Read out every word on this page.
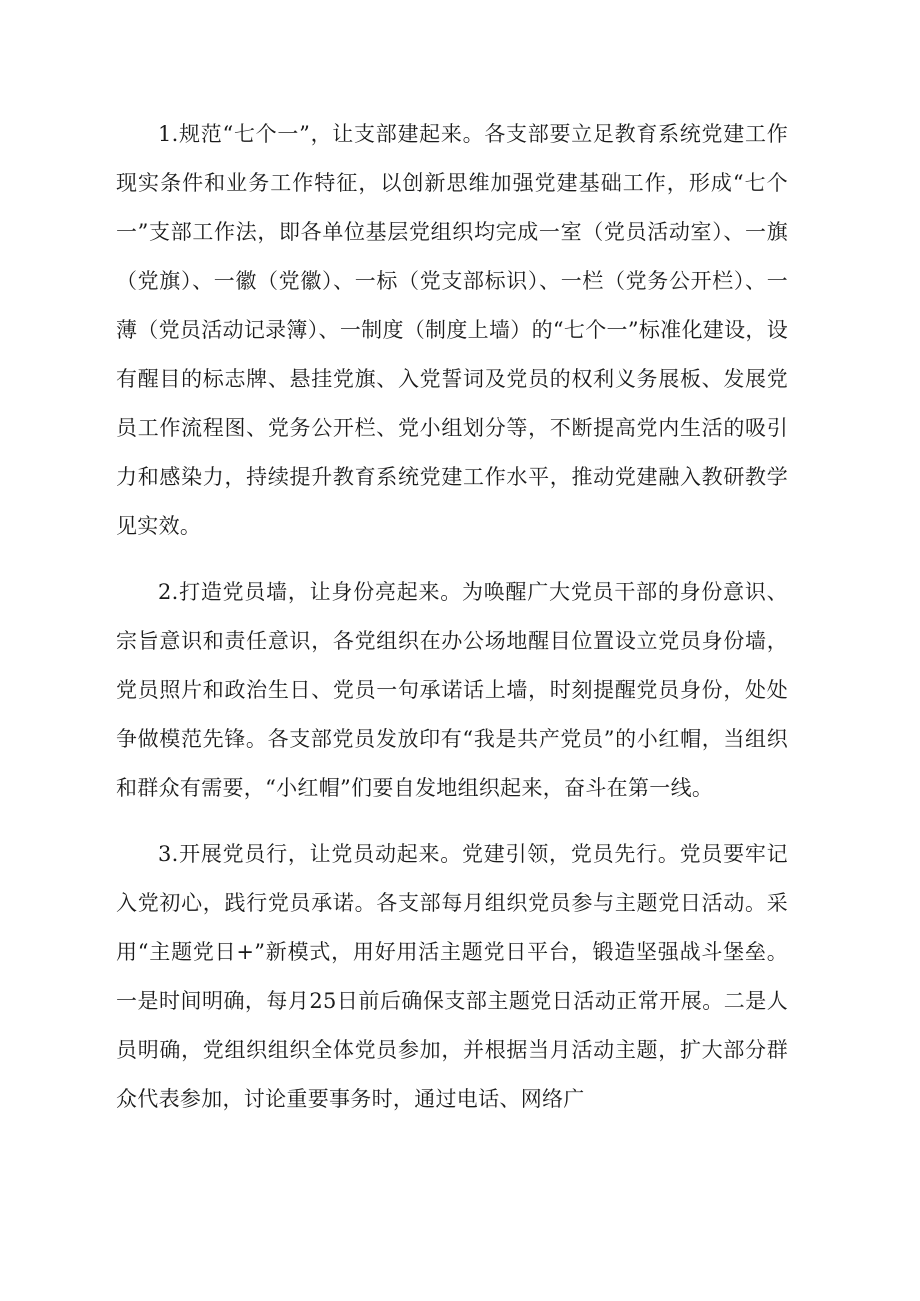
1.规范“七个一”，让支部建起来。各支部要立足教育系统党建工作现实条件和业务工作特征，以创新思维加强党建基础工作，形成“七个一”支部工作法，即各单位基层党组织均完成一室（党员活动室）、一旗（党旗）、一徽（党徽）、一标（党支部标识）、一栏（党务公开栏）、一薄（党员活动记录簿）、一制度（制度上墙）的“七个一”标准化建设，设有醒目的标志牌、悬挂党旗、入党誓词及党员的权利义务展板、发展党员工作流程图、党务公开栏、党小组划分等，不断提高党内生活的吸引力和感染力，持续提升教育系统党建工作水平，推动党建融入教研教学见实效。

2.打造党员墙，让身份亮起来。为唤醒广大党员干部的身份意识、宗旨意识和责任意识，各党组织在办公场地醒目位置设立党员身份墙，党员照片和政治生日、党员一句承诺话上墙，时刻提醒党员身份，处处争做模范先锋。各支部党员发放印有“我是共产党员”的小红帽，当组织和群众有需要，“小红帽”们要自发地组织起来，奋斗在第一线。

3.开展党员行，让党员动起来。党建引领，党员先行。党员要牢记入党初心，践行党员承诺。各支部每月组织党员参与主题党日活动。采用“主题党日+”新模式，用好用活主题党日平台，锻造坚强战斗堡垒。一是时间明确，每月25日前后确保支部主题党日活动正常开展。二是人员明确，党组织组织全体党员参加，并根据当月活动主题，扩大部分群众代表参加，讨论重要事务时，通过电话、网络广
